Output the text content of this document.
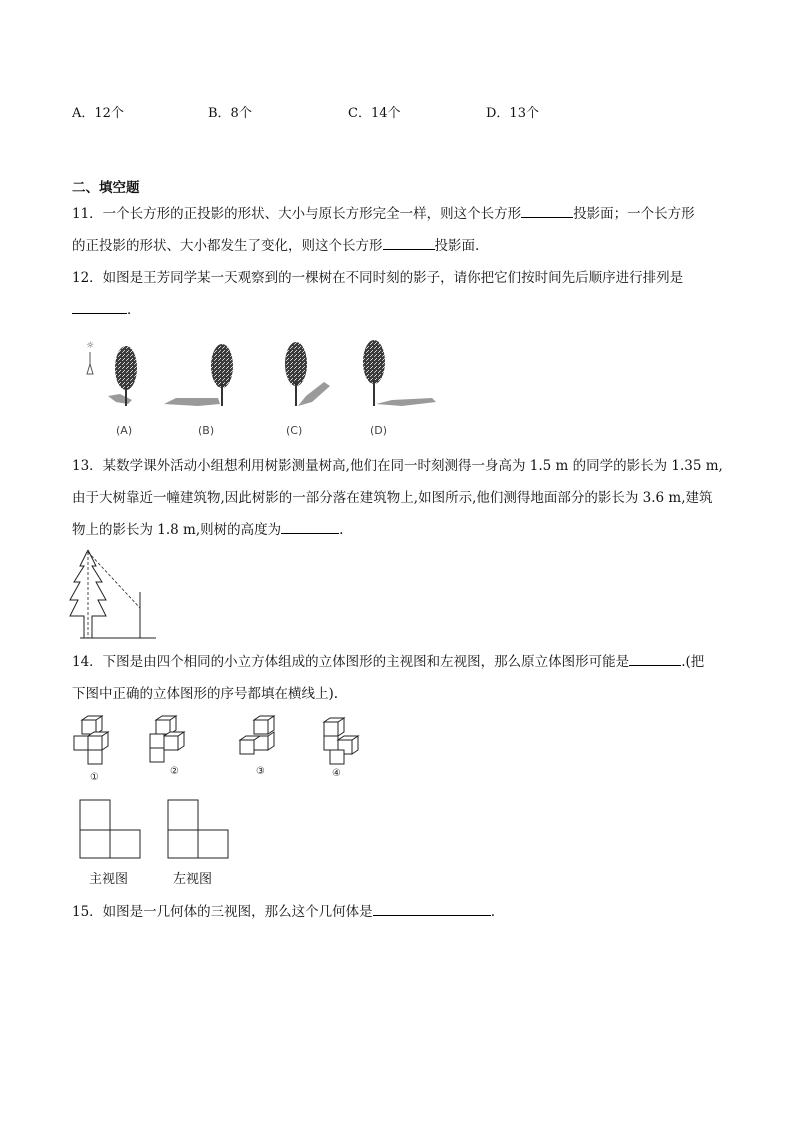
A．12个	B．8个	C．14个	D．13个
二、填空题
11．一个长方形的正投影的形状、大小与原长方形完全一样，则这个长方形	投影面；一个长方形
的正投影的形状、大小都发生了变化，则这个长方形	投影面.
12．如图是王芳同学某一天观察到的一棵树在不同时刻的影子，请你把它们按时间先后顺序进行排列是
．
☼
(A)	(B)	(C)	(D)
13．某数学课外活动小组想利用树影测量树高,他们在同一时刻测得一身高为 1.5 m 的同学的影长为 1.35 m,
由于大树靠近一幢建筑物,因此树影的一部分落在建筑物上,如图所示,他们测得地面部分的影长为 3.6 m,建筑
物上的影长为 1.8 m,则树的高度为	.
14．下图是由四个相同的小立方体组成的立体图形的主视图和左视图，那么原立体图形可能是	.(把
下图中正确的立体图形的序号都填在横线上).
①
②	③	④
主视图	左视图
15．如图是一几何体的三视图，那么这个几何体是	.
